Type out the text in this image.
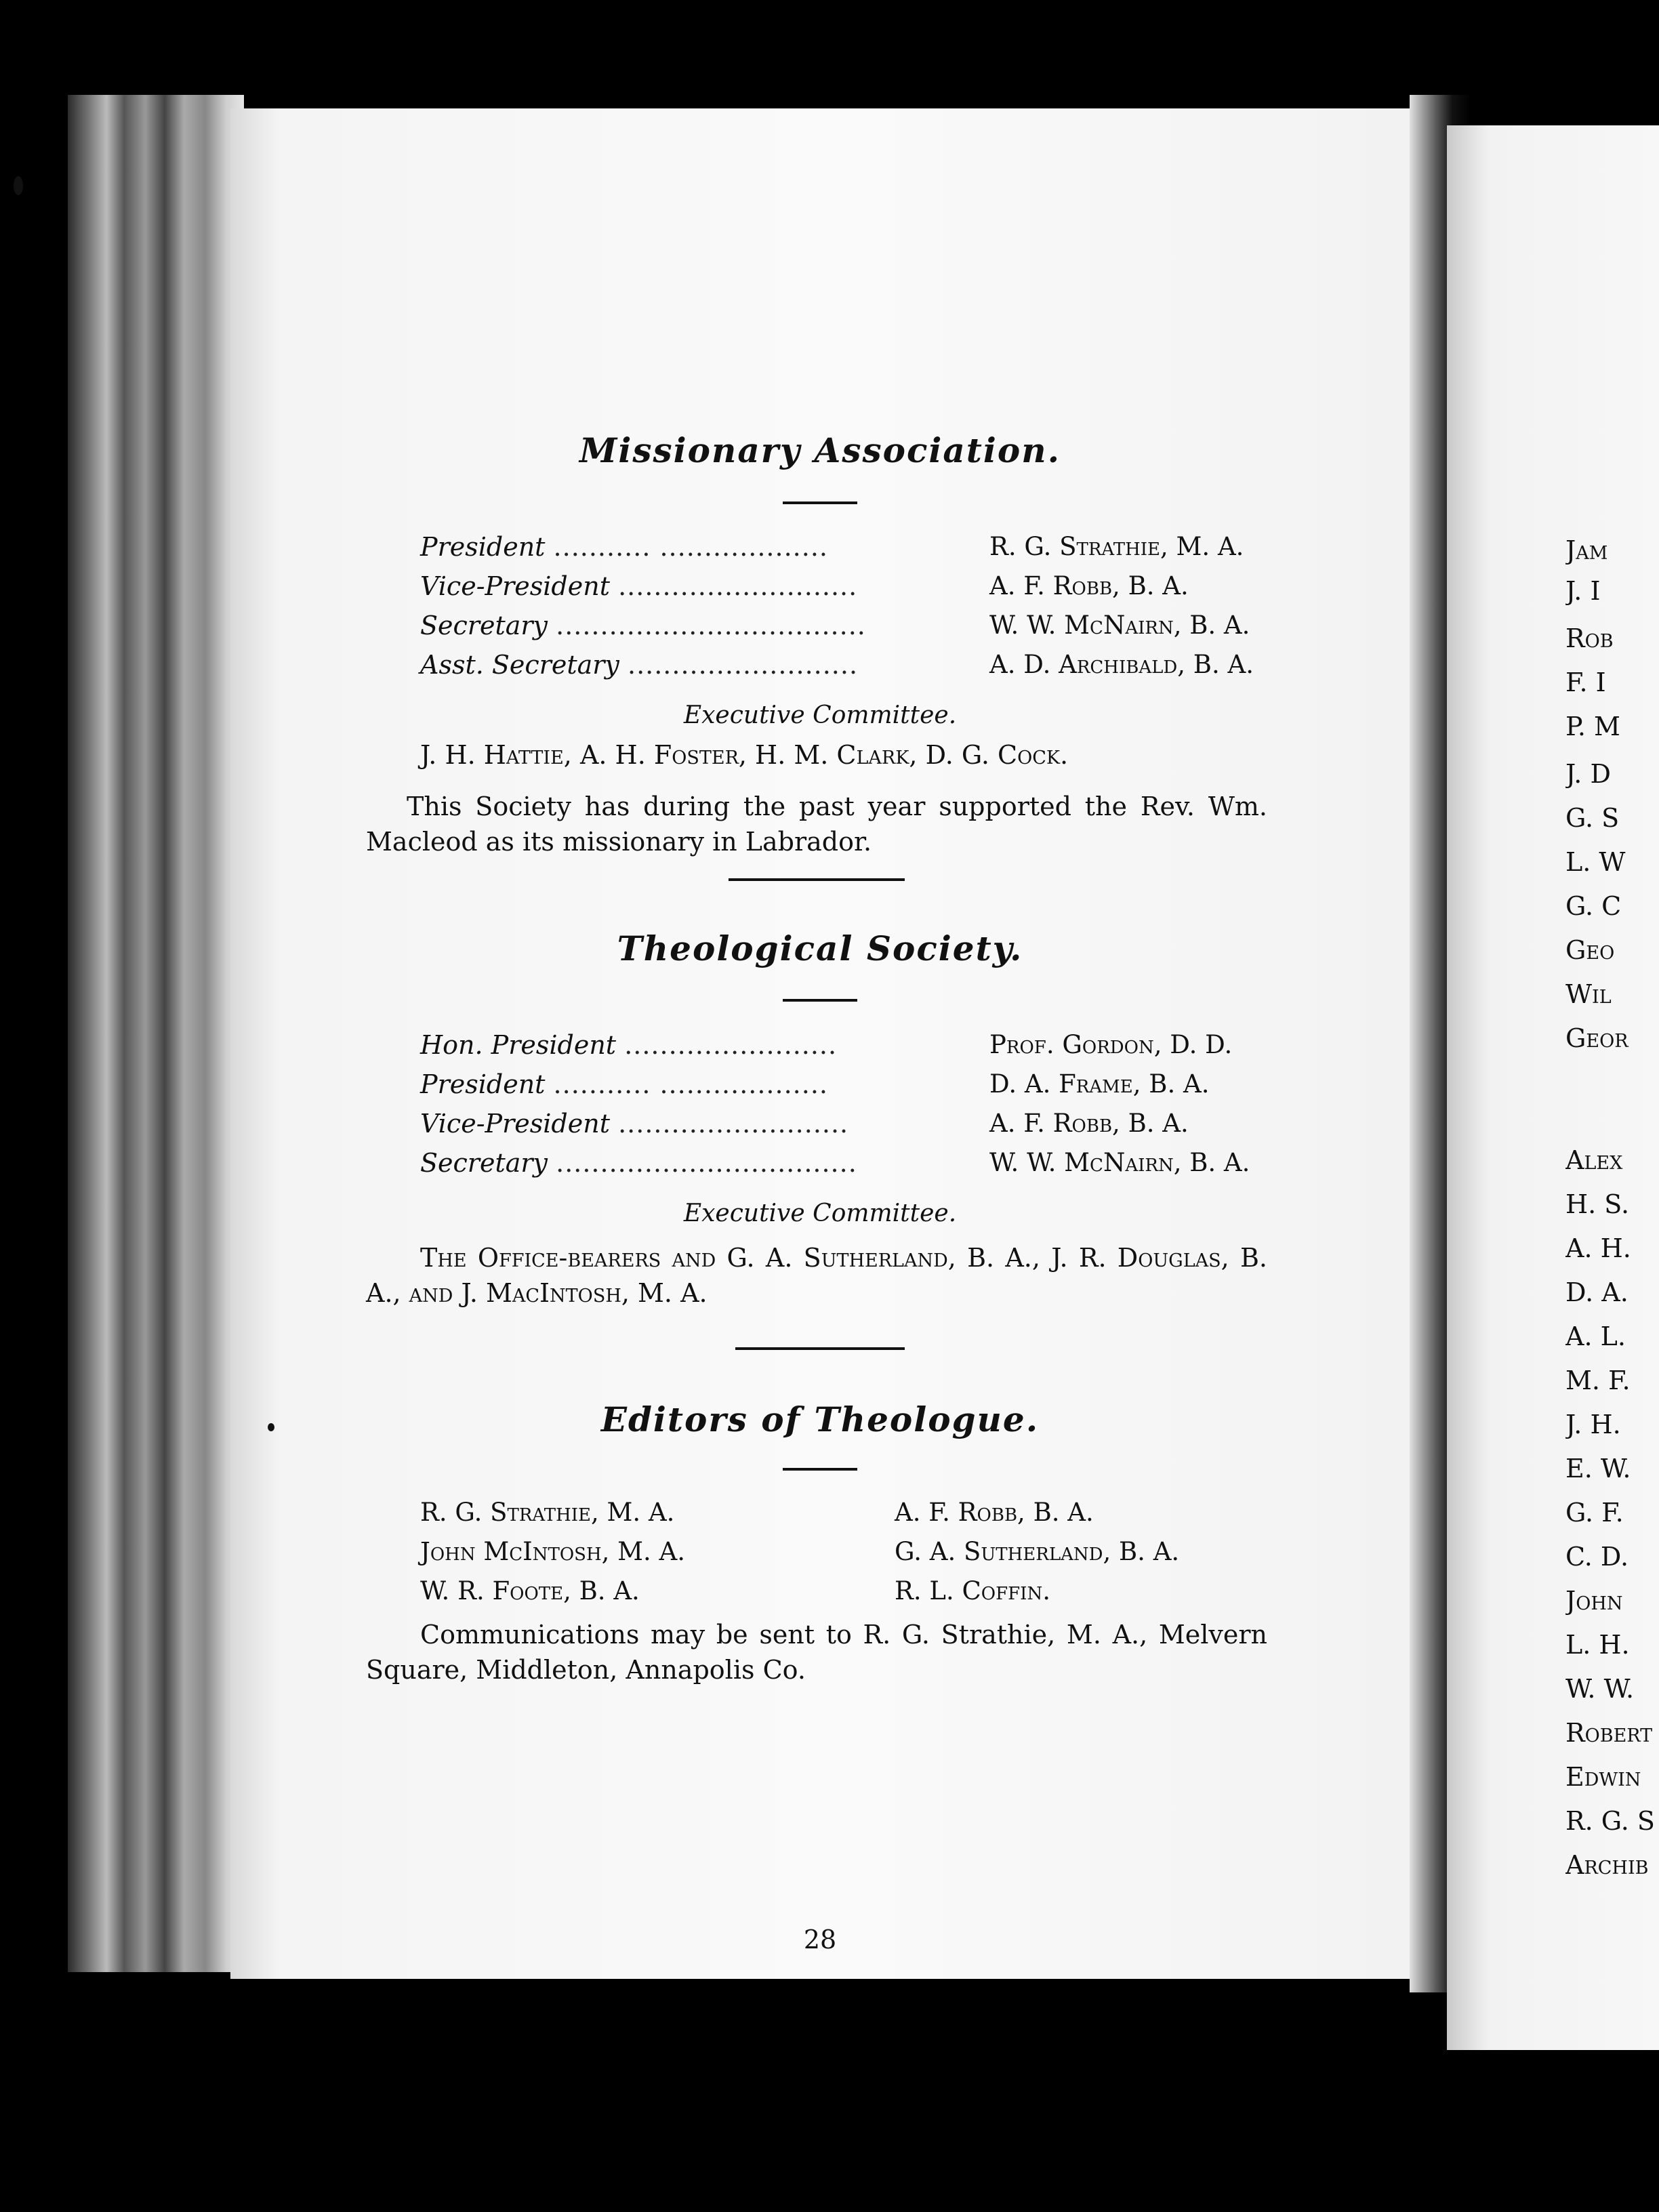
Missionary Association.
President ........... ...................	R. G. Strathie, M. A.
Vice-President ...........................	A. F. Robb, B. A.
Secretary ...................................	W. W. McNairn, B. A.
Asst. Secretary ..........................	A. D. Archibald, B. A.
Executive Committee.
J. H. Hattie, A. H. Foster, H. M. Clark, D. G. Cock.
This Society has during the past year supported the Rev. Wm. Macleod as its missionary in Labrador.
Theological Society.
Hon. President ........................	Prof. Gordon, D. D.
President ........... ...................	D. A. Frame, B. A.
Vice-President ..........................	A. F. Robb, B. A.
Secretary ..................................	W. W. McNairn, B. A.
Executive Committee.
The Office-bearers and G. A. Sutherland, B. A., J. R. Douglas, B. A., and J. MacIntosh, M. A.
Editors of Theologue.
R. G. Strathie, M. A.	A. F. Robb, B. A.
John McIntosh, M. A.	G. A. Sutherland, B. A.
W. R. Foote, B. A.	R. L. Coffin.
Communications may be sent to R. G. Strathie, M. A., Melvern Square, Middleton, Annapolis Co.
28
Jam
J. I
Rob
F. I
P. M
J. D
G. S
L. W
G. C
Geo
Wil
Geor
Alex
H. S.
A. H.
D. A.
A. L.
M. F.
J. H.
E. W.
G. F.
C. D.
John
L. H.
W. W.
Robert
Edwin
R. G. S
Archib
